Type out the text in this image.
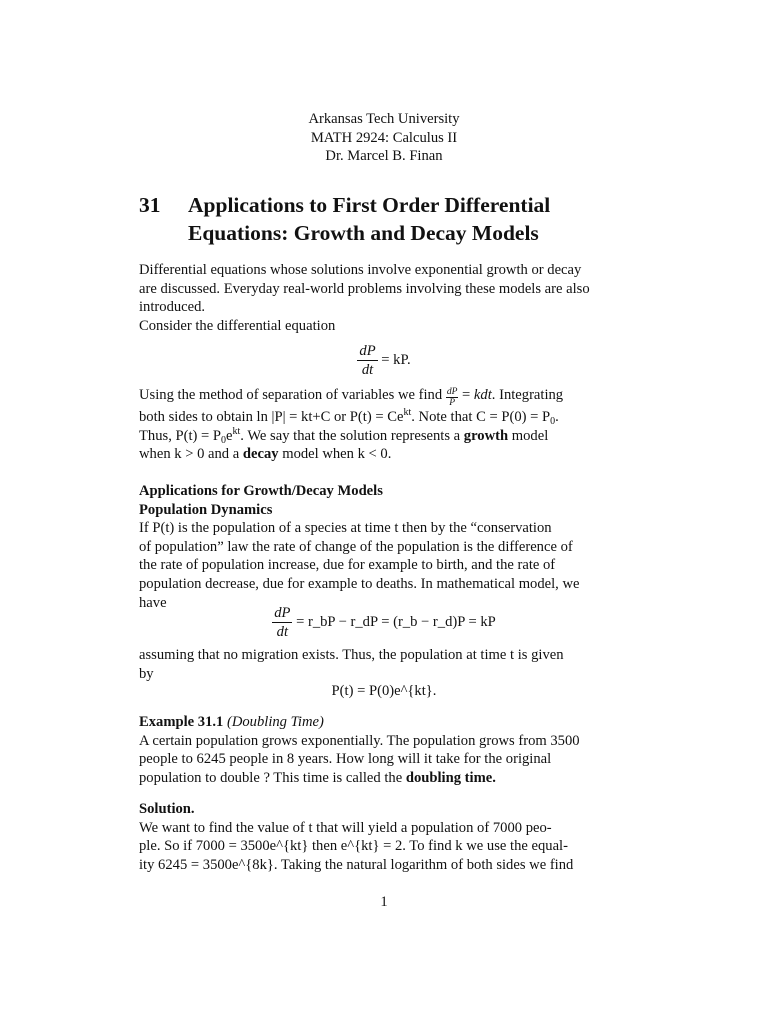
Arkansas Tech University
MATH 2924: Calculus II
Dr. Marcel B. Finan
31 Applications to First Order Differential
Equations: Growth and Decay Models
Differential equations whose solutions involve exponential growth or decay
are discussed. Everyday real-world problems involving these models are also
introduced.
Consider the differential equation
$\frac{dP}{dt}$ = kP.
Using the method of separation of variables we find $\frac{dP}{P}$ = kdt. Integrating
both sides to obtain ln |P| = kt+C or $P(t) = Ce^{kt}$. Note that $C = P(0) = P_0$.
Thus, $P(t) = P_0e^{kt}$. We say that the solution represents a growth model
when k > 0 and a decay model when k < 0.
Applications for Growth/Decay Models
Population Dynamics
If P(t) is the population of a species at time t then by the “conservation
of population” law the rate of change of the population is the difference of
the rate of population increase, due for example to birth, and the rate of
population decrease, due for example to deaths. In mathematical model, we
have
$\frac{dP}{dt}$ = r_bP − r_dP = (r_b − r_d)P = kP
assuming that no migration exists. Thus, the population at time t is given
by
P(t) = P(0)e^{kt}.
Example 31.1 (Doubling Time)
A certain population grows exponentially. The population grows from 3500
people to 6245 people in 8 years. How long will it take for the original
population to double ? This time is called the doubling time.
Solution.
We want to find the value of t that will yield a population of 7000 peo-
ple. So if 7000 = 3500e^{kt} then e^{kt} = 2. To find k we use the equal-
ity 6245 = 3500e^{8k}. Taking the natural logarithm of both sides we find
1
